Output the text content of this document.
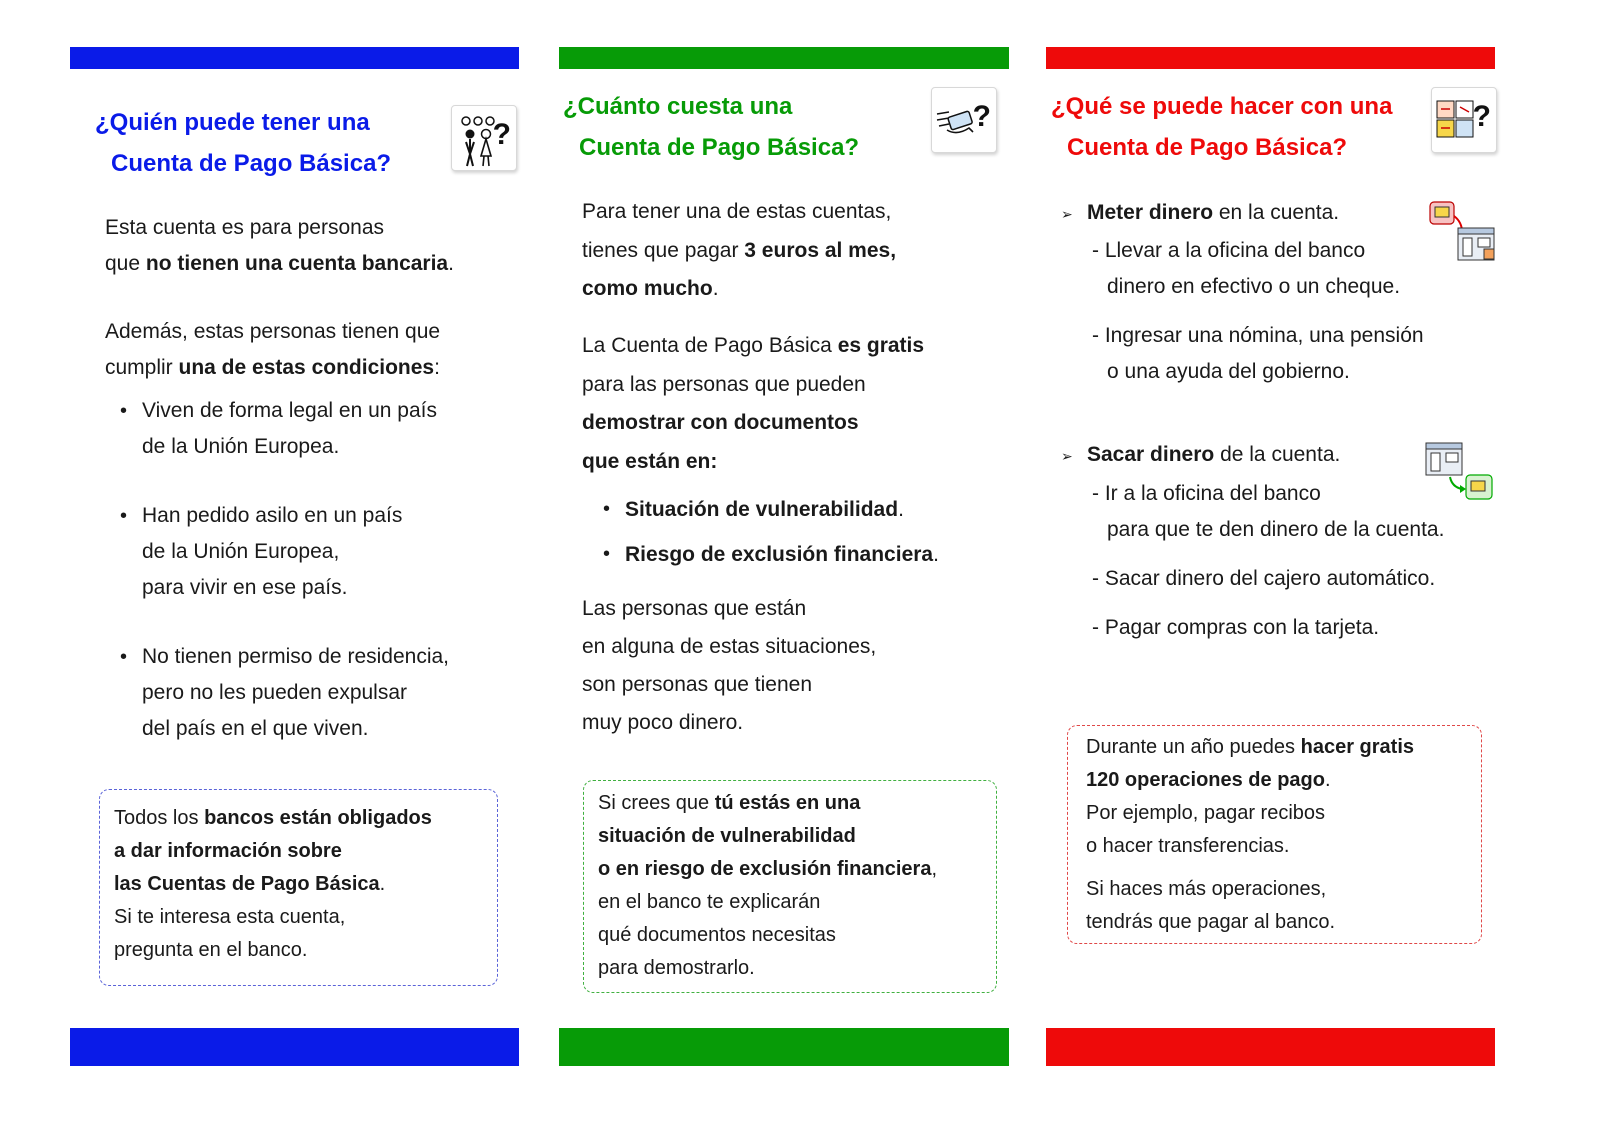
¿Quién puede tener una
Cuenta de Pago Básica?
?

Esta cuenta es para personas

que no tienen una cuenta bancaria.

Además, estas personas tienen que

cumplir una de estas condiciones:

• Viven de forma legal en un país
de la Unión Europea.
• Han pedido asilo en un país
de la Unión Europea,
para vivir en ese país.
• No tienen permiso de residencia,
pero no les pueden expulsar
del país en el que viven.

Todos los bancos están obligados

a dar información sobre

las Cuentas de Pago Básica.

Si te interesa esta cuenta,

pregunta en el banco.

¿Cuánto cuesta una
Cuenta de Pago Básica?
?

Para tener una de estas cuentas,

tienes que pagar 3 euros al mes,

como mucho.

La Cuenta de Pago Básica es gratis

para las personas que pueden

demostrar con documentos

que están en:

• Situación de vulnerabilidad.
• Riesgo de exclusión financiera.

Las personas que están

en alguna de estas situaciones,

son personas que tienen

muy poco dinero.

Si crees que tú estás en una

situación de vulnerabilidad

o en riesgo de exclusión financiera,

en el banco te explicarán

qué documentos necesitas

para demostrarlo.

¿Qué se puede hacer con una
Cuenta de Pago Básica?
?
➢ Meter dinero en la cuenta.

- Llevar a la oficina del banco

dinero en efectivo o un cheque.

- Ingresar una nómina, una pensión

o una ayuda del gobierno.

➢ Sacar dinero de la cuenta.

- Ir a la oficina del banco

para que te den dinero de la cuenta.

- Sacar dinero del cajero automático.

- Pagar compras con la tarjeta.

Durante un año puedes hacer gratis

120 operaciones de pago.

Por ejemplo, pagar recibos

o hacer transferencias.

Si haces más operaciones,

tendrás que pagar al banco.
